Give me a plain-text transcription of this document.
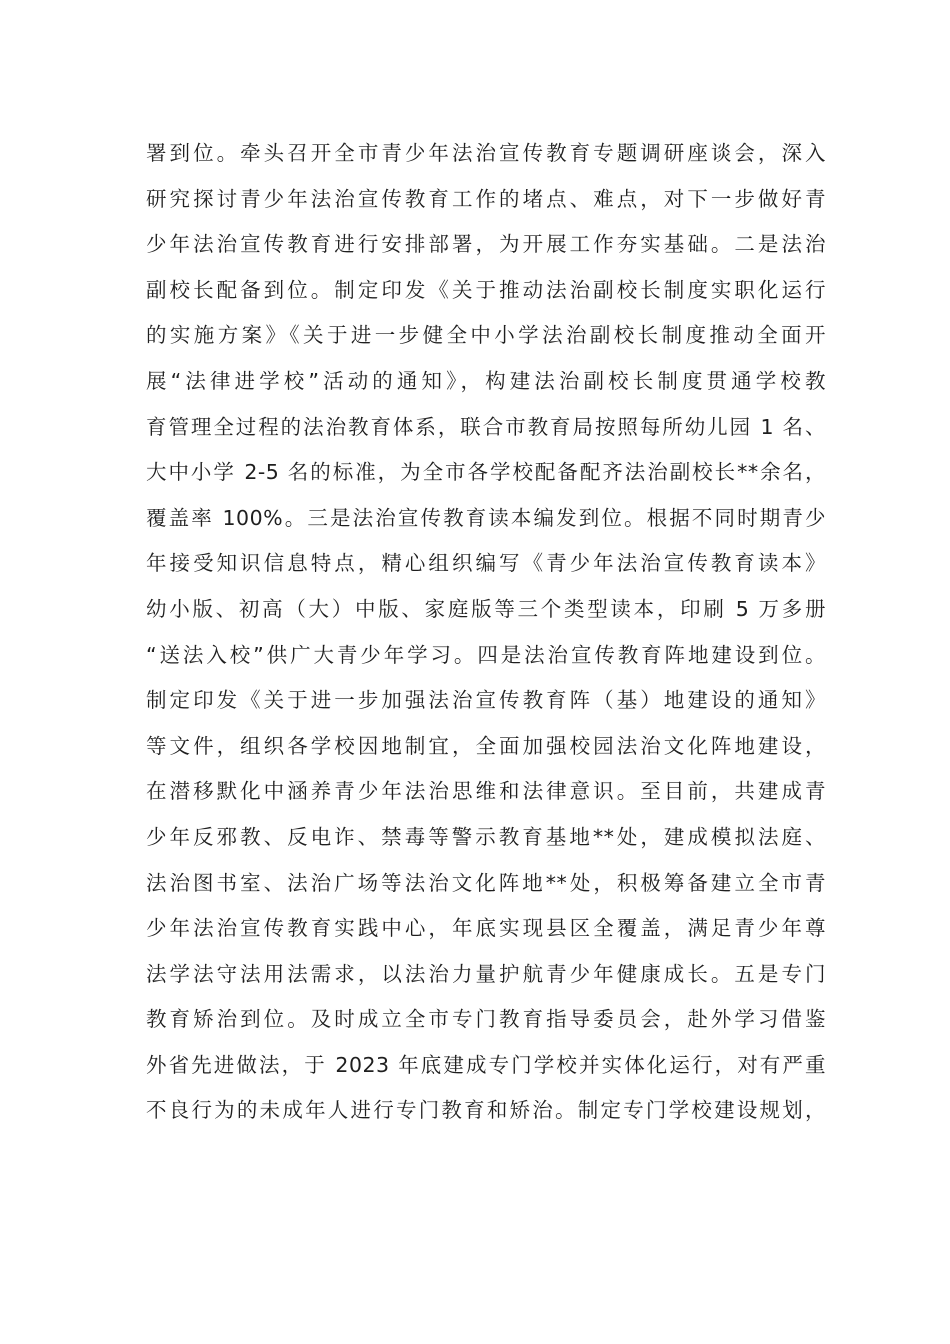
署到位。牵头召开全市青少年法治宣传教育专题调研座谈会，深入
研究探讨青少年法治宣传教育工作的堵点、难点，对下一步做好青
少年法治宣传教育进行安排部署，为开展工作夯实基础。二是法治
副校长配备到位。制定印发《关于推动法治副校长制度实职化运行
的实施方案》《关于进一步健全中小学法治副校长制度推动全面开
展“法律进学校”活动的通知》，构建法治副校长制度贯通学校教
育管理全过程的法治教育体系，联合市教育局按照每所幼儿园 1 名、
大中小学 2-5 名的标准，为全市各学校配备配齐法治副校长**余名，
覆盖率 100%。三是法治宣传教育读本编发到位。根据不同时期青少
年接受知识信息特点，精心组织编写《青少年法治宣传教育读本》
幼小版、初高（大）中版、家庭版等三个类型读本，印刷 5 万多册
“送法入校”供广大青少年学习。四是法治宣传教育阵地建设到位。
制定印发《关于进一步加强法治宣传教育阵（基）地建设的通知》
等文件，组织各学校因地制宜，全面加强校园法治文化阵地建设，
在潜移默化中涵养青少年法治思维和法律意识。至目前，共建成青
少年反邪教、反电诈、禁毒等警示教育基地**处，建成模拟法庭、
法治图书室、法治广场等法治文化阵地**处，积极筹备建立全市青
少年法治宣传教育实践中心，年底实现县区全覆盖，满足青少年尊
法学法守法用法需求，以法治力量护航青少年健康成长。五是专门
教育矫治到位。及时成立全市专门教育指导委员会，赴外学习借鉴
外省先进做法，于 2023 年底建成专门学校并实体化运行，对有严重
不良行为的未成年人进行专门教育和矫治。制定专门学校建设规划，
